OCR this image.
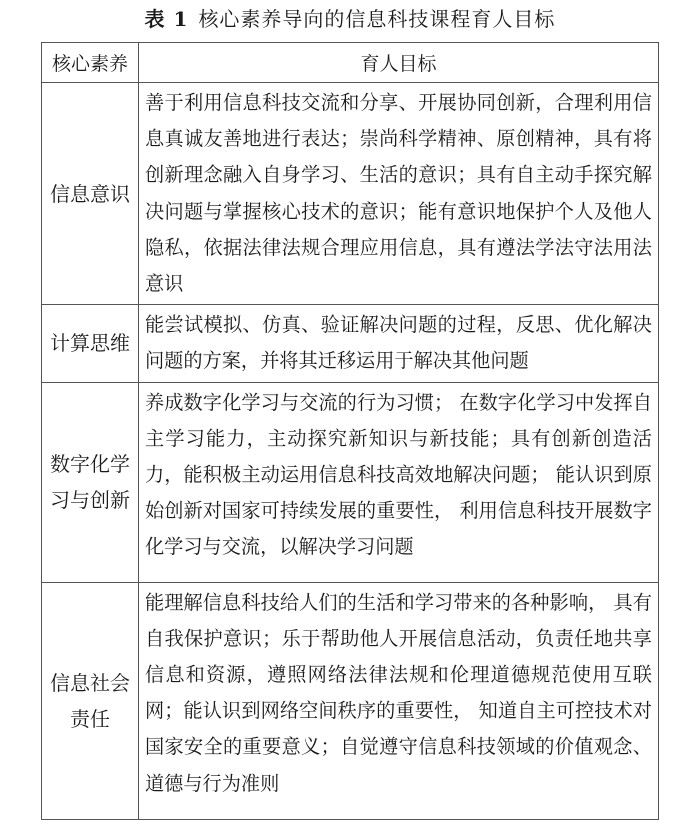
表 1 核心素养导向的信息科技课程育人目标
核心素养	育人目标
信息意识	善于利用信息科技交流和分享、开展协同创新，合理利用信息真诚友善地进行表达；崇尚科学精神、原创精神，具有将创新理念融入自身学习、生活的意识；具有自主动手探究解决问题与掌握核心技术的意识；能有意识地保护个人及他人隐私，依据法律法规合理应用信息，具有遵法学法守法用法意识
计算思维	能尝试模拟、仿真、验证解决问题的过程，反思、优化解决问题的方案，并将其迁移运用于解决其他问题
数字化学习与创新	养成数字化学习与交流的行为习惯； 在数字化学习中发挥自主学习能力，主动探究新知识与新技能；具有创新创造活力，能积极主动运用信息科技高效地解决问题； 能认识到原始创新对国家可持续发展的重要性， 利用信息科技开展数字化学习与交流，以解决学习问题
信息社会责任	能理解信息科技给人们的生活和学习带来的各种影响， 具有自我保护意识；乐于帮助他人开展信息活动，负责任地共享信息和资源，遵照网络法律法规和伦理道德规范使用互联网；能认识到网络空间秩序的重要性， 知道自主可控技术对国家安全的重要意义；自觉遵守信息科技领域的价值观念、道德与行为准则
